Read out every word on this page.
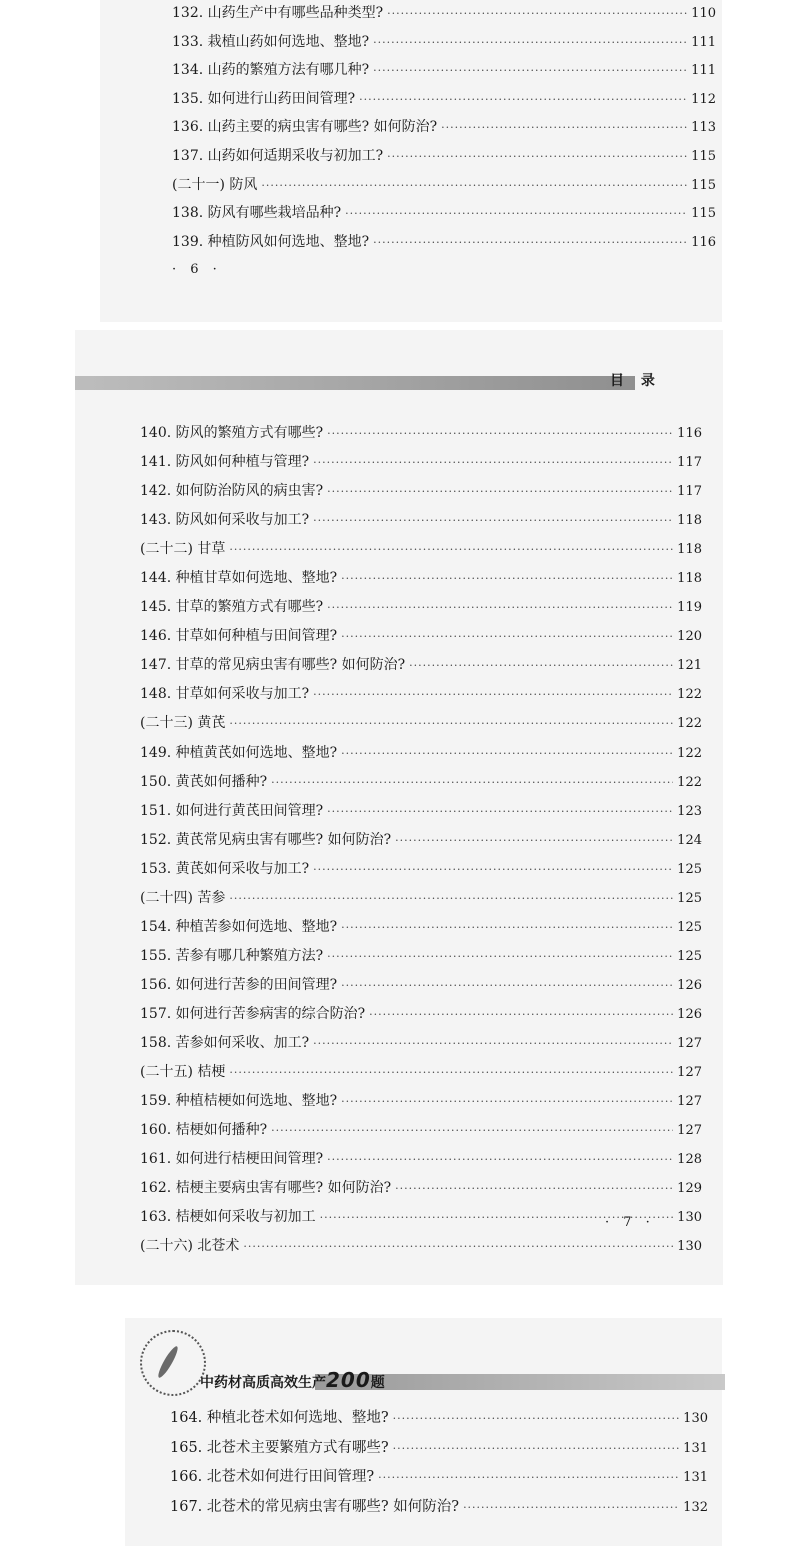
132. 山药生产中有哪些品种类型? ·····	110
133. 栽植山药如何选地、整地? ·····	111
134. 山药的繁殖方法有哪几种? ·····	111
135. 如何进行山药田间管理? ·····	112
136. 山药主要的病虫害有哪些? 如何防治? ·····	113
137. 山药如何适期采收与初加工? ·····	115
(二十一) 防风 ·····	115
138. 防风有哪些栽培品种? ·····	115
139. 种植防风如何选地、整地? ·····	116
· 6 ·
目 录
140. 防风的繁殖方式有哪些? ·····	116
141. 防风如何种植与管理? ·····	117
142. 如何防治防风的病虫害? ·····	117
143. 防风如何采收与加工? ·····	118
(二十二) 甘草 ·····	118
144. 种植甘草如何选地、整地? ·····	118
145. 甘草的繁殖方式有哪些? ·····	119
146. 甘草如何种植与田间管理? ·····	120
147. 甘草的常见病虫害有哪些? 如何防治? ·····	121
148. 甘草如何采收与加工? ·····	122
(二十三) 黄芪 ·····	122
149. 种植黄芪如何选地、整地? ·····	122
150. 黄芪如何播种? ·····	122
151. 如何进行黄芪田间管理? ·····	123
152. 黄芪常见病虫害有哪些? 如何防治? ·····	124
153. 黄芪如何采收与加工? ·····	125
(二十四) 苦参 ·····	125
154. 种植苦参如何选地、整地? ·····	125
155. 苦参有哪几种繁殖方法? ·····	125
156. 如何进行苦参的田间管理? ·····	126
157. 如何进行苦参病害的综合防治? ·····	126
158. 苦参如何采收、加工? ·····	127
(二十五) 桔梗 ·····	127
159. 种植桔梗如何选地、整地? ·····	127
160. 桔梗如何播种? ·····	127
161. 如何进行桔梗田间管理? ·····	128
162. 桔梗主要病虫害有哪些? 如何防治? ·····	129
163. 桔梗如何采收与初加工 ·····	130
(二十六) 北苍术 ·····	130
· 7 ·
中药材高质高效生产200题
164. 种植北苍术如何选地、整地? ·····	130
165. 北苍术主要繁殖方式有哪些? ·····	131
166. 北苍术如何进行田间管理? ·····	131
167. 北苍术的常见病虫害有哪些? 如何防治? ·····	132
